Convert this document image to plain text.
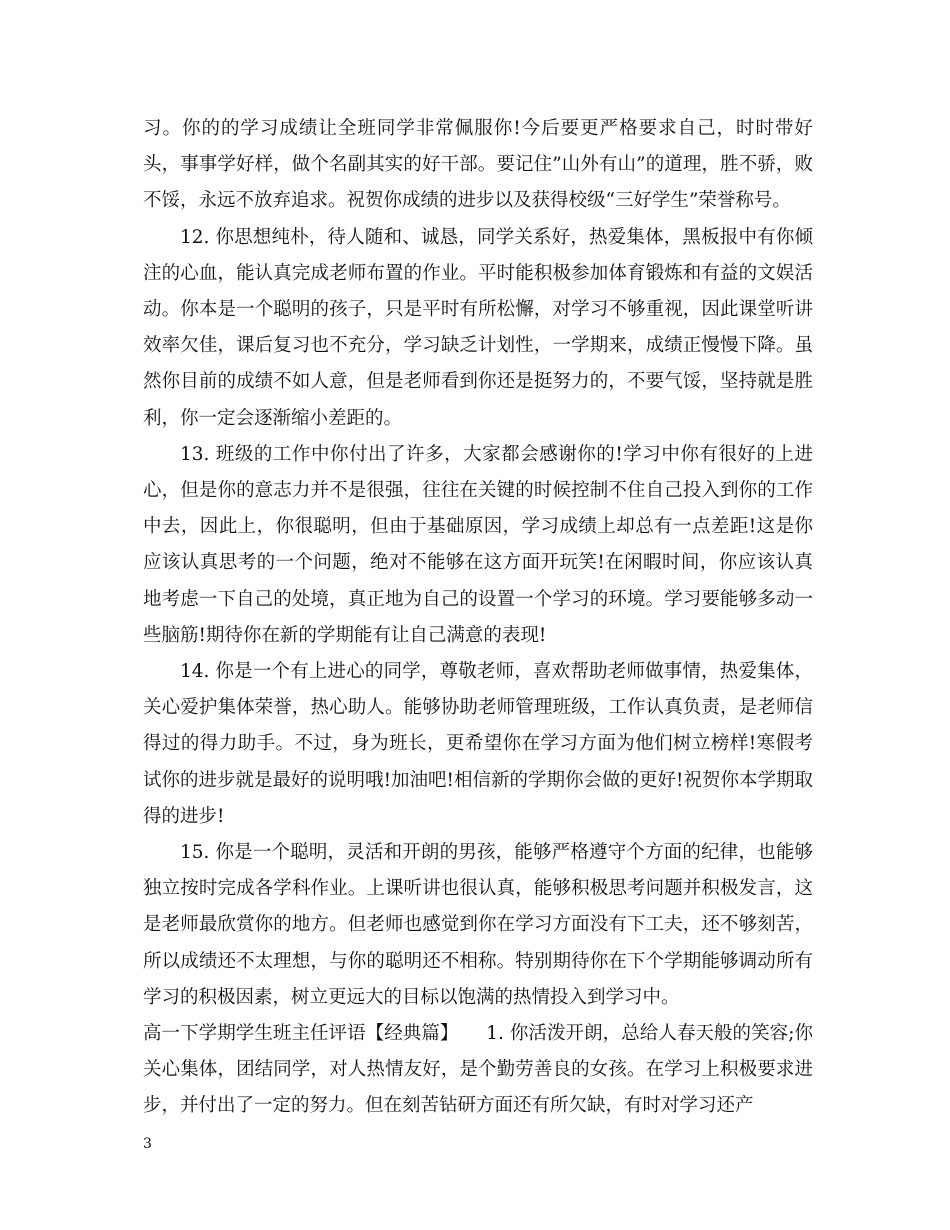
习。你的的学习成绩让全班同学非常佩服你!今后要更严格要求自己，时时带好头，事事学好样，做个名副其实的好干部。要记住”山外有山”的道理，胜不骄，败不馁，永远不放弃追求。祝贺你成绩的进步以及获得校级“三好学生”荣誉称号。

12. 你思想纯朴，待人随和、诚恳，同学关系好，热爱集体，黑板报中有你倾注的心血，能认真完成老师布置的作业。平时能积极参加体育锻炼和有益的文娱活动。你本是一个聪明的孩子，只是平时有所松懈，对学习不够重视，因此课堂听讲效率欠佳，课后复习也不充分，学习缺乏计划性，一学期来，成绩正慢慢下降。虽然你目前的成绩不如人意，但是老师看到你还是挺努力的，不要气馁，坚持就是胜利，你一定会逐渐缩小差距的。

13. 班级的工作中你付出了许多，大家都会感谢你的!学习中你有很好的上进心，但是你的意志力并不是很强，往往在关键的时候控制不住自己投入到你的工作中去，因此上，你很聪明，但由于基础原因，学习成绩上却总有一点差距!这是你应该认真思考的一个问题，绝对不能够在这方面开玩笑!在闲暇时间，你应该认真地考虑一下自己的处境，真正地为自己的设置一个学习的环境。学习要能够多动一些脑筋!期待你在新的学期能有让自己满意的表现!

14. 你是一个有上进心的同学，尊敬老师，喜欢帮助老师做事情，热爱集体，关心爱护集体荣誉，热心助人。能够协助老师管理班级，工作认真负责，是老师信得过的得力助手。不过，身为班长，更希望你在学习方面为他们树立榜样!寒假考试你的进步就是最好的说明哦!加油吧!相信新的学期你会做的更好!祝贺你本学期取得的进步!

15. 你是一个聪明，灵活和开朗的男孩，能够严格遵守个方面的纪律，也能够独立按时完成各学科作业。上课听讲也很认真，能够积极思考问题并积极发言，这是老师最欣赏你的地方。但老师也感觉到你在学习方面没有下工夫，还不够刻苦，所以成绩还不太理想，与你的聪明还不相称。特别期待你在下个学期能够调动所有学习的积极因素，树立更远大的目标以饱满的热情投入到学习中。

高一下学期学生班主任评语【经典篇】　　1. 你活泼开朗，总给人春天般的笑容;你关心集体，团结同学，对人热情友好，是个勤劳善良的女孩。在学习上积极要求进步，并付出了一定的努力。但在刻苦钻研方面还有所欠缺，有时对学习还产

3
